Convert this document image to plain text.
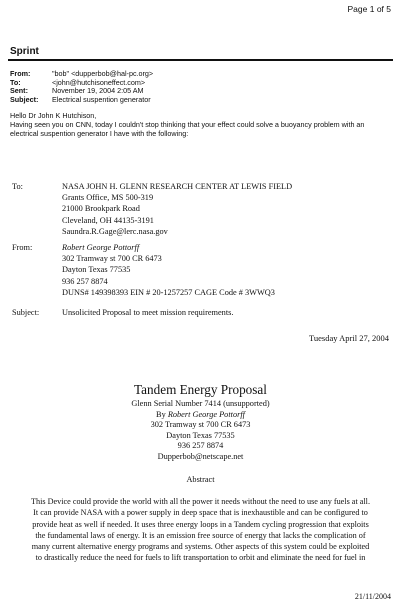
Page 1 of 5
Sprint
From:	"bob" <dupperbob@hal-pc.org>
To:	<john@hutchisoneffect.com>
Sent:	November 19, 2004 2:05 AM
Subject: Electrical suspention generator
Hello Dr John K Hutchison,
Having seen you on CNN, today I couldn't stop thinking that your effect could solve a buoyancy problem with an
electrical suspention generator I have with the following:
To:	NASA JOHN H. GLENN RESEARCH CENTER AT LEWIS FIELD
Grants Office, MS 500-319
21000 Brookpark Road
Cleveland, OH 44135-3191
Saundra.R.Gage@lerc.nasa.gov
From:	Robert George Pottorff
302 Tramway st 700 CR 6473
Dayton Texas 77535
936 257 8874
DUNS# 149398393 EIN # 20-1257257 CAGE Code # 3WWQ3
Subject:	Unsolicited Proposal to meet mission requirements.
Tuesday April 27, 2004
Tandem Energy Proposal
Glenn Serial Number 7414 (unsupported)
By Robert George Pottorff
302 Tramway st 700 CR 6473
Dayton Texas 77535
936 257 8874
Dupperbob@netscape.net
Abstract
This Device could provide the world with all the power it needs without the need to use any fuels at all.
It can provide NASA with a power supply in deep space that is inexhaustible and can be configured to
provide heat as well if needed. It uses three energy loops in a Tandem cycling progression that exploits
the fundamental laws of energy. It is an emission free source of energy that lacks the complication of
many current alternative energy programs and systems. Other aspects of this system could be exploited
to drastically reduce the need for fuels to lift transportation to orbit and eliminate the need for fuel in
21/11/2004
